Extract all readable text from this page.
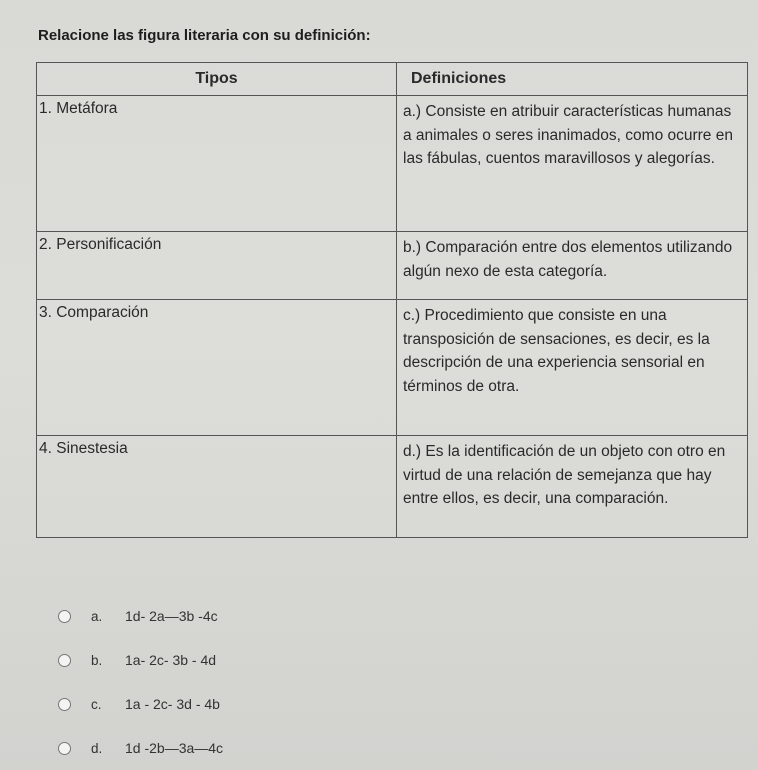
Relacione las figura literaria con su definición:
Tipos	Definiciones
1. Metáfora	a.) Consiste en atribuir características humanas a animales o seres inanimados, como ocurre en las fábulas, cuentos maravillosos y alegorías.
2. Personificación	b.) Comparación entre dos elementos utilizando algún nexo de esta categoría.
3. Comparación	c.) Procedimiento que consiste en una transposición de sensaciones, es decir, es la descripción de una experiencia sensorial en términos de otra.
4. Sinestesia	d.) Es la identificación de un objeto con otro en virtud de una relación de semejanza que hay entre ellos, es decir, una comparación.
a.	1d- 2a—3b -4c
b.	1a- 2c- 3b - 4d
c.	1a - 2c- 3d - 4b
d.	1d -2b—3a—4c
